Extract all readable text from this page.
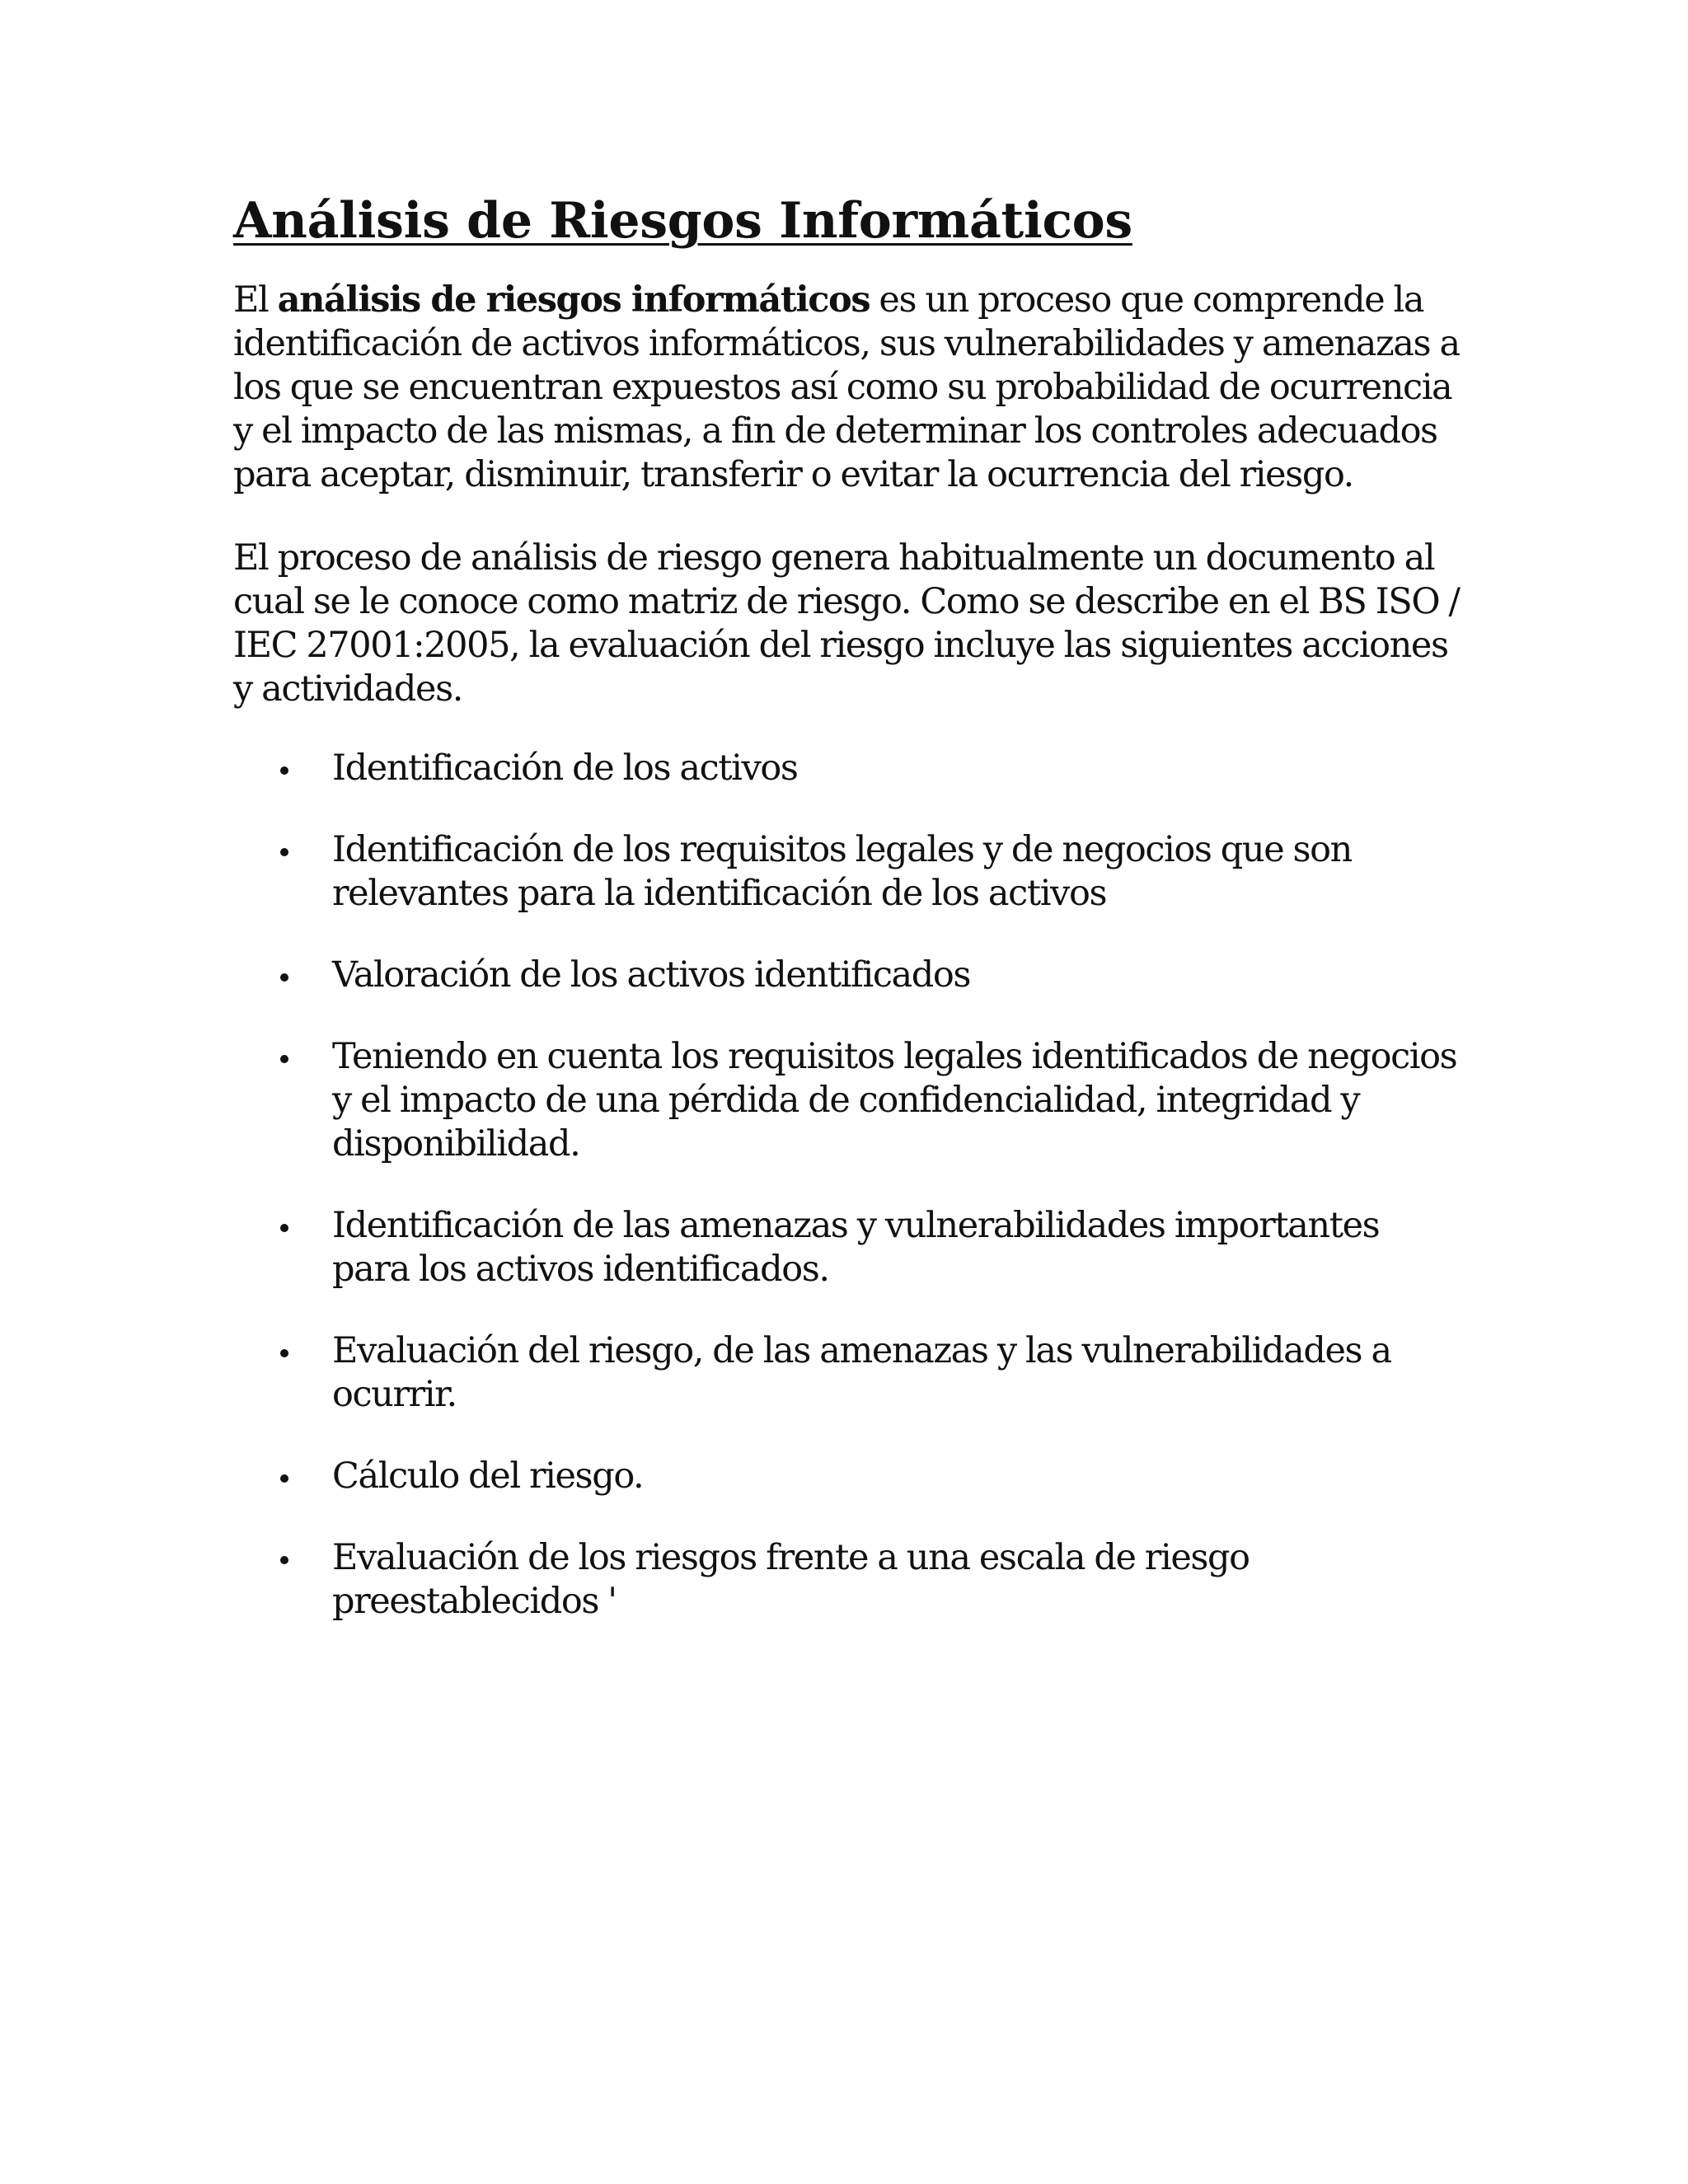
Análisis de Riesgos Informáticos

El análisis de riesgos informáticos es un proceso que comprende la identificación de activos informáticos, sus vulnerabilidades y amenazas a los que se encuentran expuestos así como su probabilidad de ocurrencia y el impacto de las mismas, a fin de determinar los controles adecuados para aceptar, disminuir, transferir o evitar la ocurrencia del riesgo.

El proceso de análisis de riesgo genera habitualmente un documento al cual se le conoce como matriz de riesgo. Como se describe en el BS ISO / IEC 27001:2005, la evaluación del riesgo incluye las siguientes acciones y actividades.

Identificación de los activos
Identificación de los requisitos legales y de negocios que son relevantes para la identificación de los activos
Valoración de los activos identificados
Teniendo en cuenta los requisitos legales identificados de negocios y el impacto de una pérdida de confidencialidad, integridad y disponibilidad.
Identificación de las amenazas y vulnerabilidades importantes para los activos identificados.
Evaluación del riesgo, de las amenazas y las vulnerabilidades a ocurrir.
Cálculo del riesgo.
Evaluación de los riesgos frente a una escala de riesgo preestablecidos '
